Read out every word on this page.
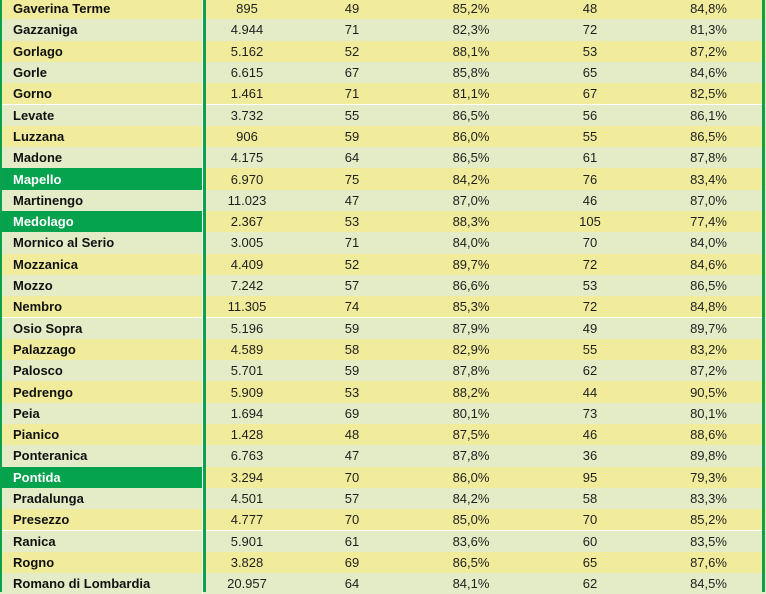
Gaverina Terme	895	49	85,2%	48	84,8%
Gazzaniga	4.944	71	82,3%	72	81,3%
Gorlago	5.162	52	88,1%	53	87,2%
Gorle	6.615	67	85,8%	65	84,6%
Gorno	1.461	71	81,1%	67	82,5%
Levate	3.732	55	86,5%	56	86,1%
Luzzana	906	59	86,0%	55	86,5%
Madone	4.175	64	86,5%	61	87,8%
Mapello	6.970	75	84,2%	76	83,4%
Martinengo	11.023	47	87,0%	46	87,0%
Medolago	2.367	53	88,3%	105	77,4%
Mornico al Serio	3.005	71	84,0%	70	84,0%
Mozzanica	4.409	52	89,7%	72	84,6%
Mozzo	7.242	57	86,6%	53	86,5%
Nembro	11.305	74	85,3%	72	84,8%
Osio Sopra	5.196	59	87,9%	49	89,7%
Palazzago	4.589	58	82,9%	55	83,2%
Palosco	5.701	59	87,8%	62	87,2%
Pedrengo	5.909	53	88,2%	44	90,5%
Peia	1.694	69	80,1%	73	80,1%
Pianico	1.428	48	87,5%	46	88,6%
Ponteranica	6.763	47	87,8%	36	89,8%
Pontida	3.294	70	86,0%	95	79,3%
Pradalunga	4.501	57	84,2%	58	83,3%
Presezzo	4.777	70	85,0%	70	85,2%
Ranica	5.901	61	83,6%	60	83,5%
Rogno	3.828	69	86,5%	65	87,6%
Romano di Lombardia	20.957	64	84,1%	62	84,5%
